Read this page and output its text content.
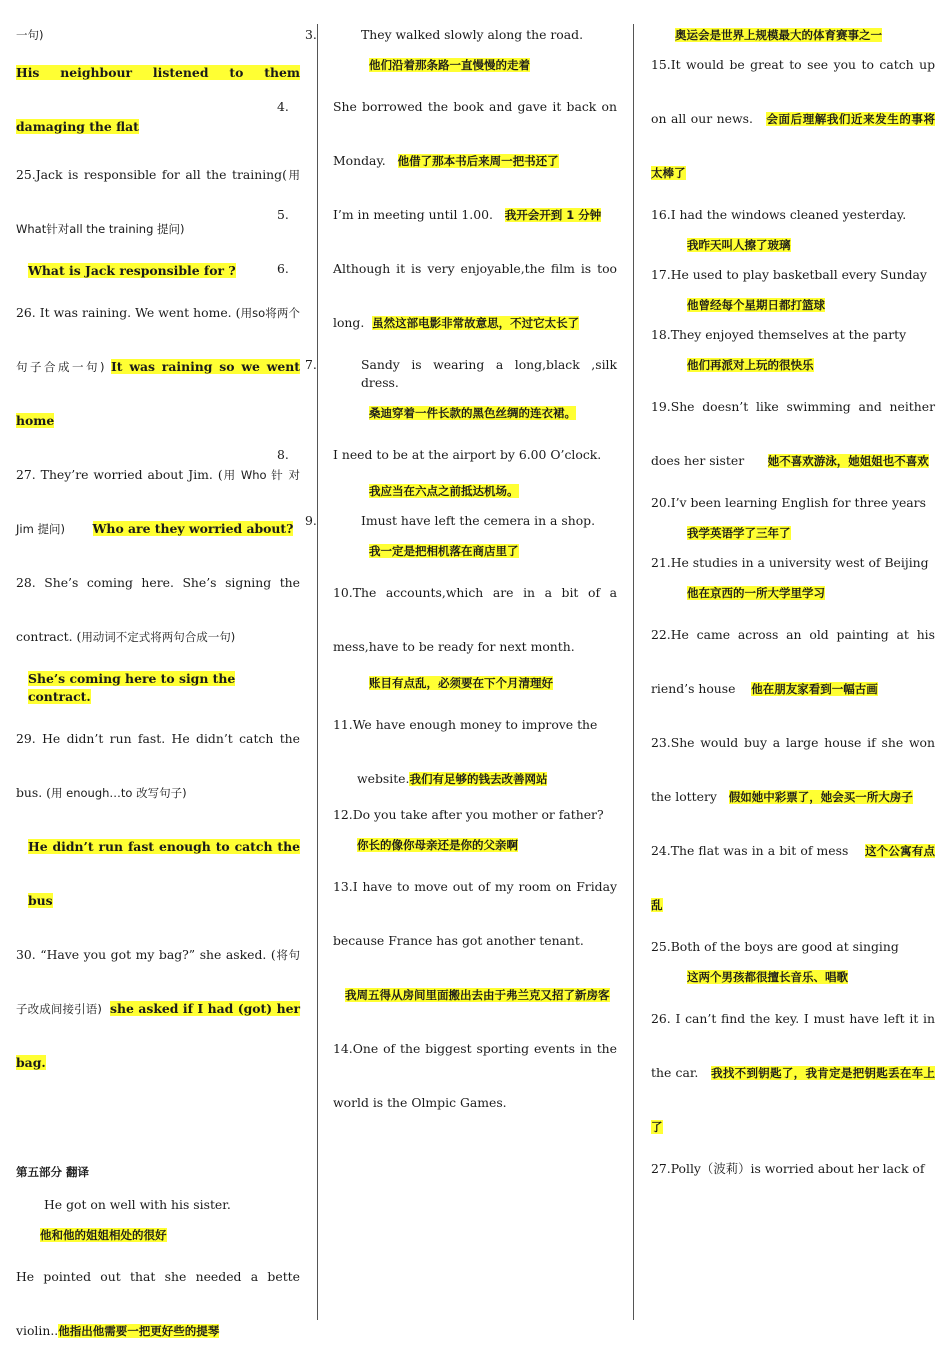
一句)

His neighbour listened to them damaging the flat

25.Jack is responsible for all the training(用What针对all the training 提问)

What is Jack responsible for ?

26. It was raining. We went home. (用so将两个句子合成一句) It was raining so we went home

27. They’re worried about Jim. (用 Who 针 对 Jim 提问) Who are they worried about?

28. She’s coming here. She’s signing the contract. (用动词不定式将两句合成一句)

She’s coming here to sign the contract.

29. He didn’t run fast. He didn’t catch the bus. (用 enough…to 改写句子)

He didn’t run fast enough to catch the bus

30. “Have you got my bag?” she asked. (将句子改成间接引语) she asked if I had (got) her bag.

第五部分 翻译

He got on well with his sister.

他和他的姐姐相处的很好

He pointed out that she needed a bette violin..他指出他需要一把更好些的提琴

3.	They walked slowly along the road.

他们沿着那条路一直慢慢的走着

4.	She borrowed the book and gave it back on Monday. 他借了那本书后来周一把书还了

5.	I’m in meeting until 1.00. 我开会开到 1 分钟

6.	Although it is very enjoyable,the film is too long. 虽然这部电影非常故意思，不过它太长了

7.	Sandy is wearing a long,black ,silk dress.

桑迪穿着一件长款的黑色丝绸的连衣裙。

8.	I need to be at the airport by 6.00 O’clock.

我应当在六点之前抵达机场。

9.	Imust have left the cemera in a shop.

我一定是把相机落在商店里了

10.The accounts,which are in a bit of a mess,have to be ready for next month.

账目有点乱，必须要在下个月清理好

11.We have enough money to improve the
website.我们有足够的钱去改善网站

12.Do you take after you mother or father?

你长的像你母亲还是你的父亲啊

13.I have to move out of my room on Friday because France has got another tenant.

我周五得从房间里面搬出去由于弗兰克又招了新房客

14.One of the biggest sporting events in the world is the Olmpic Games.

奥运会是世界上规模最大的体育赛事之一

15.It would be great to see you to catch up on all our news. 会面后理解我们近来发生的事将太棒了

16.I had the windows cleaned yesterday.

我昨天叫人擦了玻璃

17.He used to play basketball every Sunday

他曾经每个星期日都打篮球

18.They enjoyed themselves at the party

他们再派对上玩的很快乐

19.She doesn’t like swimming and neither does her sister 她不喜欢游泳，她姐姐也不喜欢

20.I’v been learning English for three years

我学英语学了三年了

21.He studies in a university west of Beijing

他在京西的一所大学里学习

22.He came across an old painting at his riend’s house 他在朋友家看到一幅古画

23.She would buy a large house if she won the lottery 假如她中彩票了，她会买一所大房子

24.The flat was in a bit of mess 这个公寓有点乱

25.Both of the boys are good at singing

这两个男孩都很擅长音乐、唱歌

26. I can’t find the key. I must have left it in the car. 我找不到钥匙了，我肯定是把钥匙丢在车上了

27.Polly（波莉）is worried about her lack of
